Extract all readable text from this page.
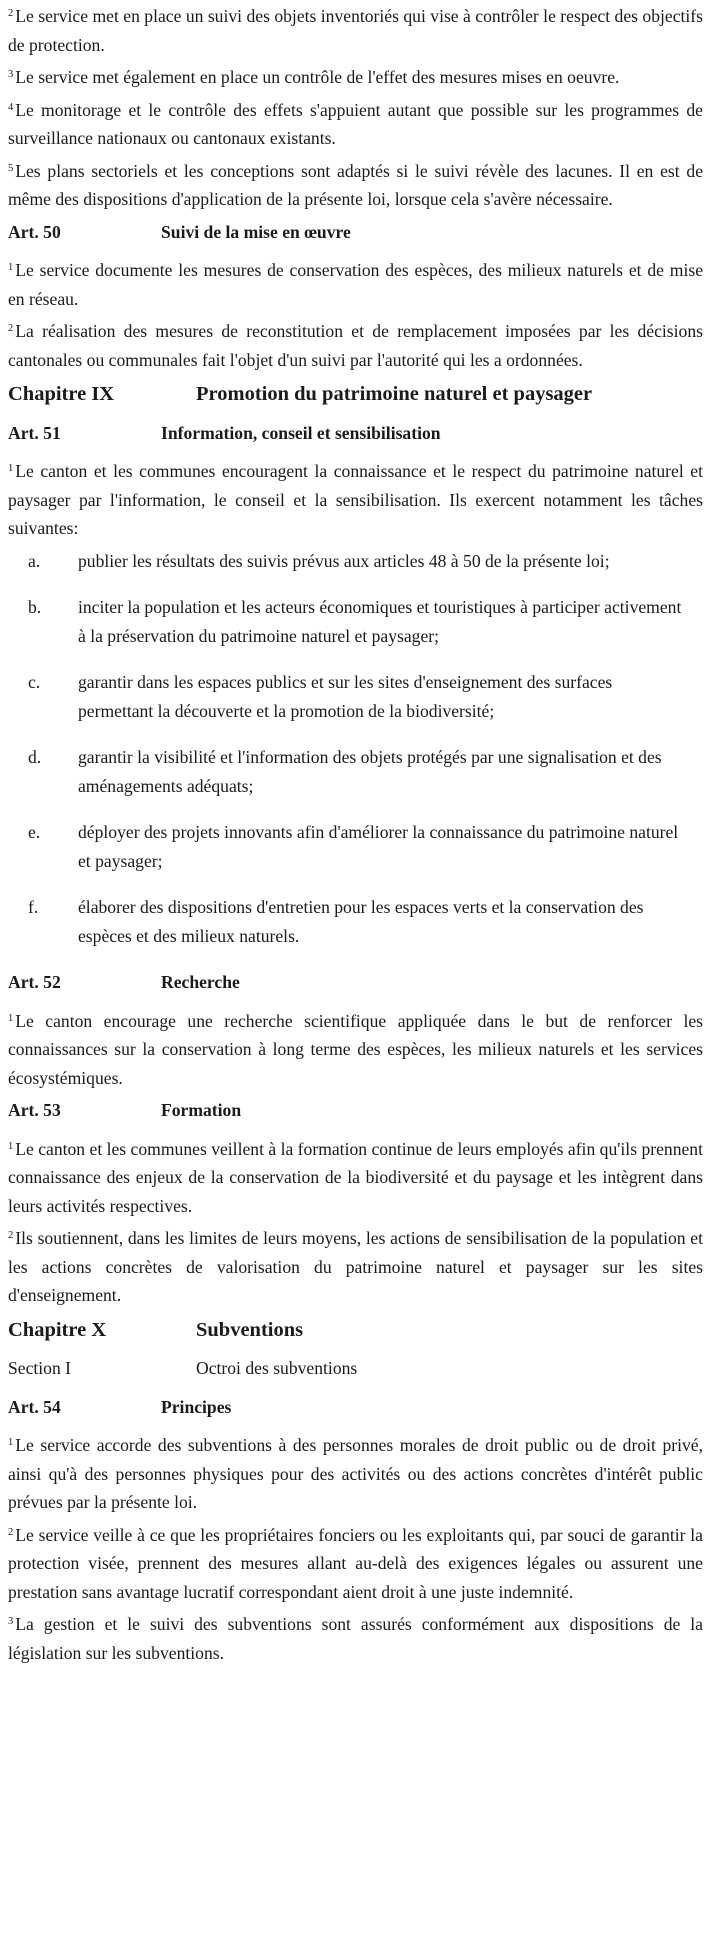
$^2$ Le service met en place un suivi des objets inventoriés qui vise à contrôler le respect des objectifs de protection.

$^3$ Le service met également en place un contrôle de l'effet des mesures mises en oeuvre.

$^4$ Le monitorage et le contrôle des effets s'appuient autant que possible sur les programmes de surveillance nationaux ou cantonaux existants.

$^5$ Les plans sectoriels et les conceptions sont adaptés si le suivi révèle des lacunes. Il en est de même des dispositions d'application de la présente loi, lorsque cela s'avère nécessaire.

Art. 50	Suivi de la mise en œuvre

$^1$ Le service documente les mesures de conservation des espèces, des milieux naturels et de mise en réseau.

$^2$ La réalisation des mesures de reconstitution et de remplacement imposées par les décisions cantonales ou communales fait l'objet d'un suivi par l'autorité qui les a ordonnées.

Chapitre IX	Promotion du patrimoine naturel et paysager
Art. 51	Information, conseil et sensibilisation

$^1$ Le canton et les communes encouragent la connaissance et le respect du patrimoine naturel et paysager par l'information, le conseil et la sensibilisation. Ils exercent notamment les tâches suivantes:

a.	publier les résultats des suivis prévus aux articles 48 à 50 de la présente loi;
b.	inciter la population et les acteurs économiques et touristiques à participer activement à la préservation du patrimoine naturel et paysager;
c.	garantir dans les espaces publics et sur les sites d'enseignement des surfaces permettant la découverte et la promotion de la biodiversité;
d.	garantir la visibilité et l'information des objets protégés par une signalisation et des aménagements adéquats;
e.	déployer des projets innovants afin d'améliorer la connaissance du patrimoine naturel et paysager;
f.	élaborer des dispositions d'entretien pour les espaces verts et la conservation des espèces et des milieux naturels.
Art. 52	Recherche

$^1$ Le canton encourage une recherche scientifique appliquée dans le but de renforcer les connaissances sur la conservation à long terme des espèces, les milieux naturels et les services écosystémiques.

Art. 53	Formation

$^1$ Le canton et les communes veillent à la formation continue de leurs employés afin qu'ils prennent connaissance des enjeux de la conservation de la biodiversité et du paysage et les intègrent dans leurs activités respectives.

$^2$ Ils soutiennent, dans les limites de leurs moyens, les actions de sensibilisation de la population et les actions concrètes de valorisation du patrimoine naturel et paysager sur les sites d'enseignement.

Chapitre X	Subventions
Section I	Octroi des subventions
Art. 54	Principes

$^1$ Le service accorde des subventions à des personnes morales de droit public ou de droit privé, ainsi qu'à des personnes physiques pour des activités ou des actions concrètes d'intérêt public prévues par la présente loi.

$^2$ Le service veille à ce que les propriétaires fonciers ou les exploitants qui, par souci de garantir la protection visée, prennent des mesures allant au-delà des exigences légales ou assurent une prestation sans avantage lucratif correspondant aient droit à une juste indemnité.

$^3$ La gestion et le suivi des subventions sont assurés conformément aux dispositions de la législation sur les subventions.
